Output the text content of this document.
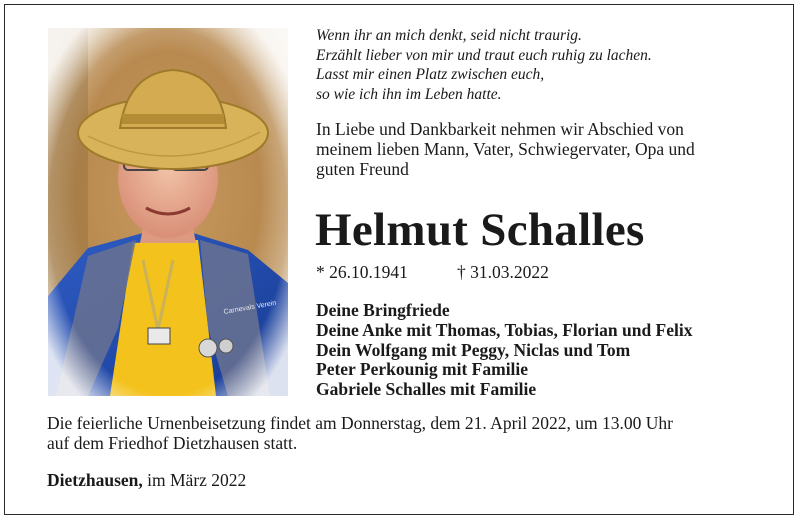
Wenn ihr an mich denkt, seid nicht traurig.
Erzählt lieber von mir und traut euch ruhig zu lachen.
Lasst mir einen Platz zwischen euch,
so wie ich ihn im Leben hatte.
In Liebe und Dankbarkeit nehmen wir Abschied von
meinem lieben Mann, Vater, Schwiegervater, Opa und
guten Freund
Helmut Schalles
* 26.10.1941	† 31.03.2022
Deine Bringfriede
Deine Anke mit Thomas, Tobias, Florian und Felix
Dein Wolfgang mit Peggy, Niclas und Tom
Peter Perkounig mit Familie
Gabriele Schalles mit Familie
Die feierliche Urnenbeisetzung findet am Donnerstag, dem 21. April 2022, um 13.00 Uhr
auf dem Friedhof Dietzhausen statt.
Dietzhausen, im März 2022
